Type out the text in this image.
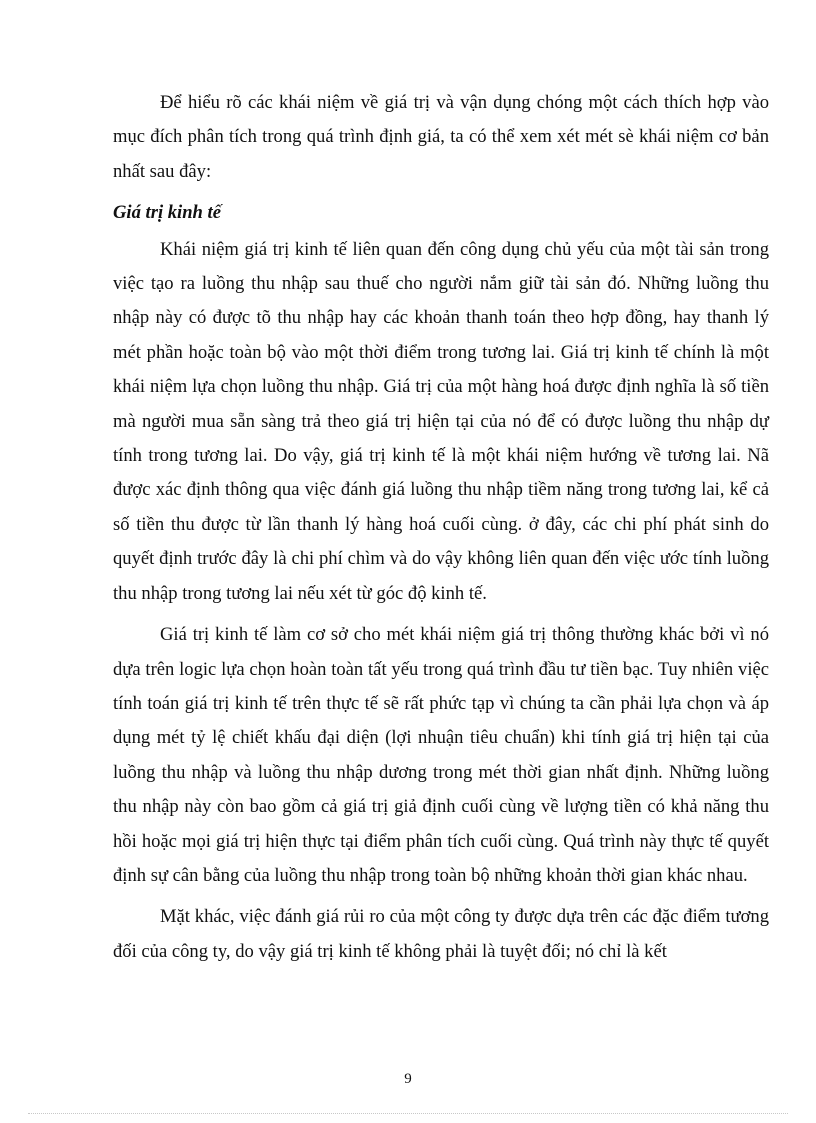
Để hiểu rõ các khái niệm về giá trị và vận dụng chóng một cách thích hợp vào mục đích phân tích trong quá trình định giá, ta có thể xem xét mét sè khái niệm cơ bản nhất sau đây:

Giá trị kinh tế

Khái niệm giá trị kinh tế liên quan đến công dụng chủ yếu của một tài sản trong việc tạo ra luồng thu nhập sau thuế cho người nắm giữ tài sản đó. Những luồng thu nhập này có được tõ thu nhập hay các khoản thanh toán theo hợp đồng, hay thanh lý mét phần hoặc toàn bộ vào một thời điểm trong tương lai. Giá trị kinh tế chính là một khái niệm lựa chọn luồng thu nhập. Giá trị của một hàng hoá được định nghĩa là số tiền mà người mua sẵn sàng trả theo giá trị hiện tại của nó để có được luồng thu nhập dự tính trong tương lai. Do vậy, giá trị kinh tế là một khái niệm hướng về tương lai. Nã được xác định thông qua việc đánh giá luồng thu nhập tiềm năng trong tương lai, kể cả số tiền thu được từ lần thanh lý hàng hoá cuối cùng. ở đây, các chi phí phát sinh do quyết định trước đây là chi phí chìm và do vậy không liên quan đến việc ước tính luồng thu nhập trong tương lai nếu xét từ góc độ kinh tế.

Giá trị kinh tế làm cơ sở cho mét khái niệm giá trị thông thường khác bởi vì nó dựa trên logic lựa chọn hoàn toàn tất yếu trong quá trình đầu tư tiền bạc. Tuy nhiên việc tính toán giá trị kinh tế trên thực tế sẽ rất phức tạp vì chúng ta cần phải lựa chọn và áp dụng mét tỷ lệ chiết khấu đại diện (lợi nhuận tiêu chuẩn) khi tính giá trị hiện tại của luồng thu nhập và luồng thu nhập dương trong mét thời gian nhất định. Những luồng thu nhập này còn bao gồm cả giá trị giả định cuối cùng về lượng tiền có khả năng thu hồi hoặc mọi giá trị hiện thực tại điểm phân tích cuối cùng. Quá trình này thực tế quyết định sự cân bằng của luồng thu nhập trong toàn bộ những khoản thời gian khác nhau.

Mặt khác, việc đánh giá rủi ro của một công ty được dựa trên các đặc điểm tương đối của công ty, do vậy giá trị kinh tế không phải là tuyệt đối; nó chỉ là kết

9
